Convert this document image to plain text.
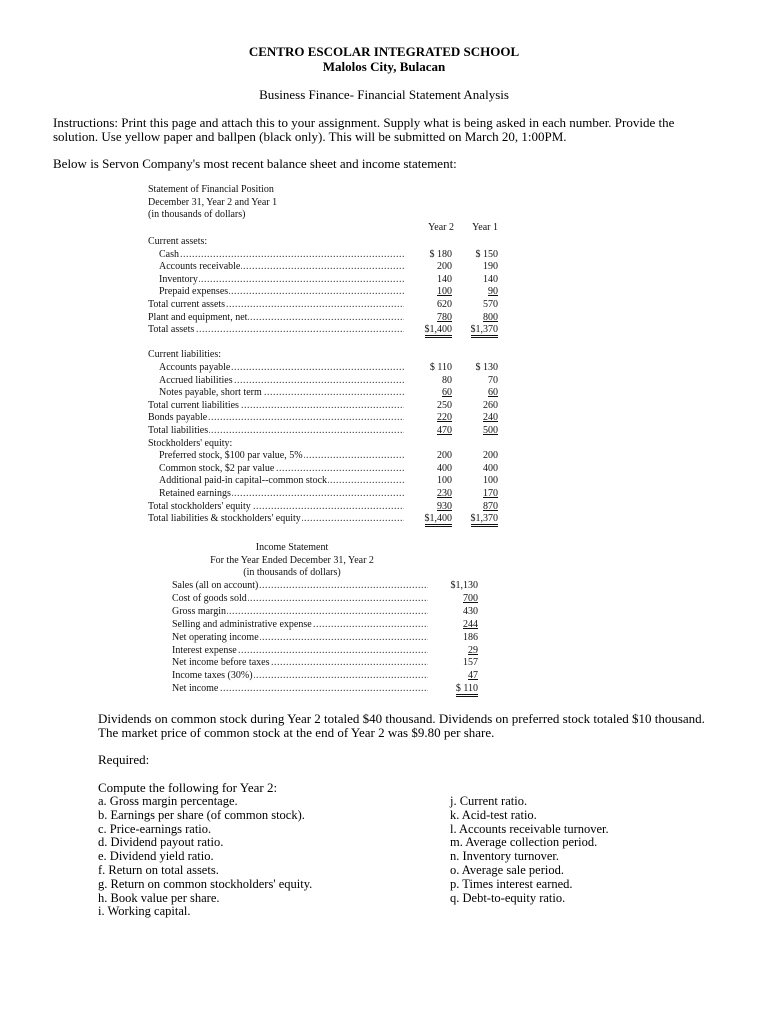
CENTRO ESCOLAR INTEGRATED SCHOOL
Malolos City, Bulacan
Business Finance- Financial Statement Analysis
Instructions: Print this page and attach this to your assignment. Supply what is being asked in each number. Provide the solution. Use yellow paper and ballpen (black only). This will be submitted on March 20, 1:00PM.
Below is Servon Company's most recent balance sheet and income statement:
Statement of Financial Position
December 31, Year 2 and Year 1
(in thousands of dollars)
Year 2	Year 1
Current assets:
Cash .....	$ 180	$ 150
Accounts receivable .....	200	190
Inventory .....	140	140
Prepaid expenses .....	100	90
Total current assets .....	620	570
Plant and equipment, net .....	780	800
Total assets .....	$1,400	$1,370
Current liabilities:
Accounts payable .....	$ 110	$ 130
Accrued liabilities .....	80	70
Notes payable, short term .....	60	60
Total current liabilities .....	250	260
Bonds payable .....	220	240
Total liabilities .....	470	500
Stockholders' equity:
Preferred stock, $100 par value, 5% .....	200	200
Common stock, $2 par value .....	400	400
Additional paid-in capital--common stock .....	100	100
Retained earnings .....	230	170
Total stockholders' equity .....	930	870
Total liabilities & stockholders' equity .....	$1,400	$1,370
Income Statement
For the Year Ended December 31, Year 2
(in thousands of dollars)
Sales (all on account) .....	$1,130
Cost of goods sold .....	700
Gross margin .....	430
Selling and administrative expense .....	244
Net operating income .....	186
Interest expense .....	29
Net income before taxes .....	157
Income taxes (30%) .....	47
Net income .....	$ 110
Dividends on common stock during Year 2 totaled $40 thousand. Dividends on preferred stock totaled $10 thousand. The market price of common stock at the end of Year 2 was $9.80 per share.
Required:
Compute the following for Year 2:
a. Gross margin percentage.
b. Earnings per share (of common stock).
c. Price-earnings ratio.
d. Dividend payout ratio.
e. Dividend yield ratio.
f. Return on total assets.
g. Return on common stockholders' equity.
h. Book value per share.
i. Working capital.
j. Current ratio.
k. Acid-test ratio.
l. Accounts receivable turnover.
m. Average collection period.
n. Inventory turnover.
o. Average sale period.
p. Times interest earned.
q. Debt-to-equity ratio.
